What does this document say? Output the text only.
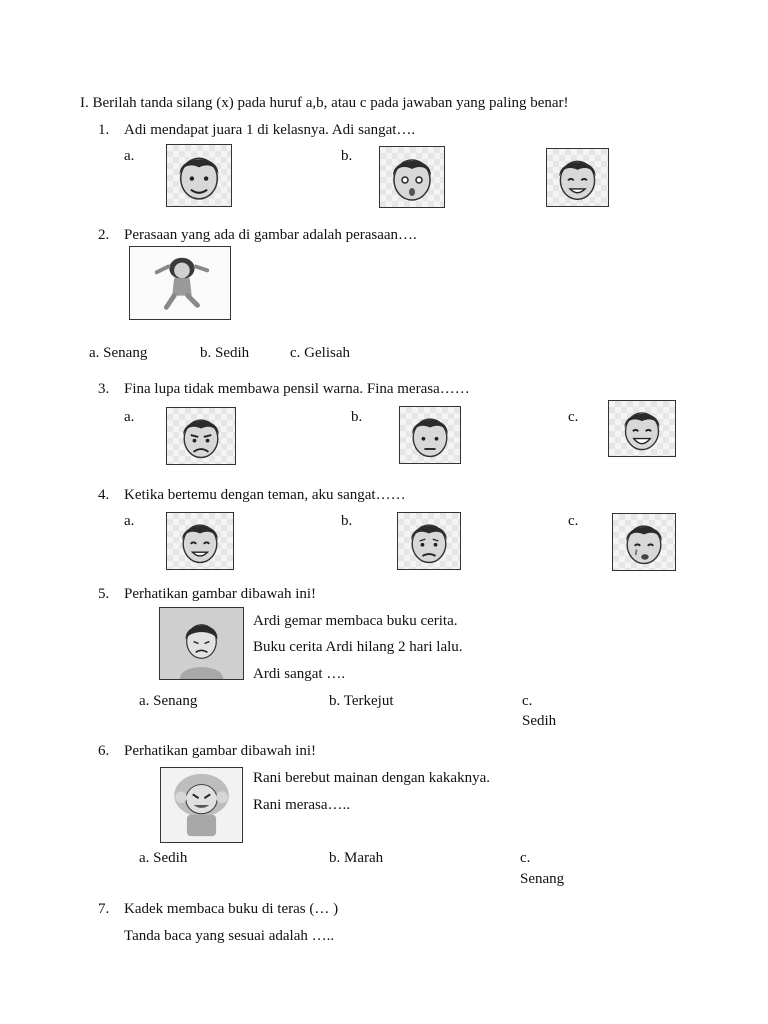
I. Berilah tanda silang (x) pada huruf a,b, atau c pada jawaban yang paling benar!
1. Adi mendapat juara 1 di kelasnya. Adi sangat….
a.	b.
2. Perasaan yang ada di gambar adalah perasaan….
a. Senang	b. Sedih	c. Gelisah
3. Fina lupa tidak membawa pensil warna. Fina merasa……
a.	b.	c.
4. Ketika bertemu dengan teman, aku sangat……
a.	b.	c.
5. Perhatikan gambar dibawah ini!
Ardi gemar membaca buku cerita.
Buku cerita Ardi hilang 2 hari lalu.
Ardi sangat ….
a. Senang	b. Terkejut	c.
Sedih
6. Perhatikan gambar dibawah ini!
Rani berebut mainan dengan kakaknya.
Rani merasa…..
a. Sedih	b. Marah	c.
Senang
7. Kadek membaca buku di teras (… )
Tanda baca yang sesuai adalah …..
